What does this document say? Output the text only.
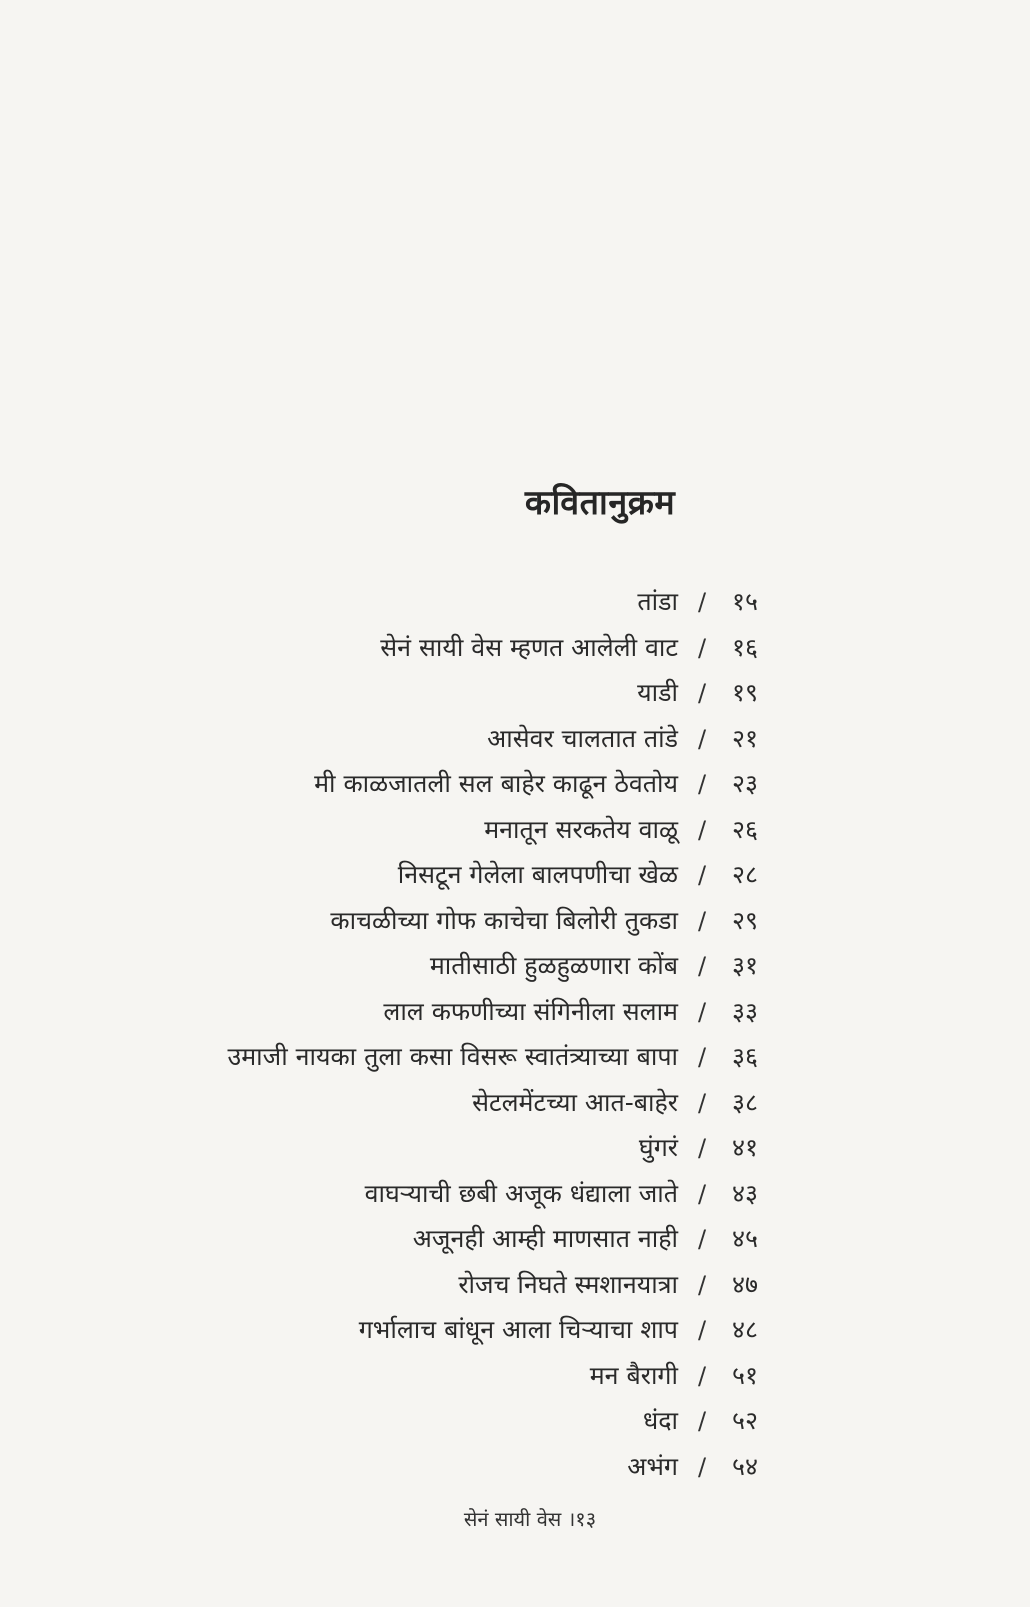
कवितानुक्रम
तांडा / १५
सेनं सायी वेस म्हणत आलेली वाट / १६
याडी / १९
आसेवर चालतात तांडे / २१
मी काळजातली सल बाहेर काढून ठेवतोय / २३
मनातून सरकतेय वाळू / २६
निसटून गेलेला बालपणीचा खेळ / २८
काचळीच्या गोफ काचेचा बिलोरी तुकडा / २९
मातीसाठी हुळहुळणारा कोंब / ३१
लाल कफणीच्या संगिनीला सलाम / ३३
उमाजी नायका तुला कसा विसरू स्वातंत्र्याच्या बापा / ३६
सेटलमेंटच्या आत-बाहेर / ३८
घुंगरं / ४१
वाघऱ्याची छबी अजूक धंद्याला जाते / ४३
अजूनही आम्ही माणसात नाही / ४५
रोजच निघते स्मशानयात्रा / ४७
गर्भालाच बांधून आला चिऱ्याचा शाप / ४८
मन बैरागी / ५१
धंदा / ५२
अभंग / ५४
सेनं सायी वेस ।१३
